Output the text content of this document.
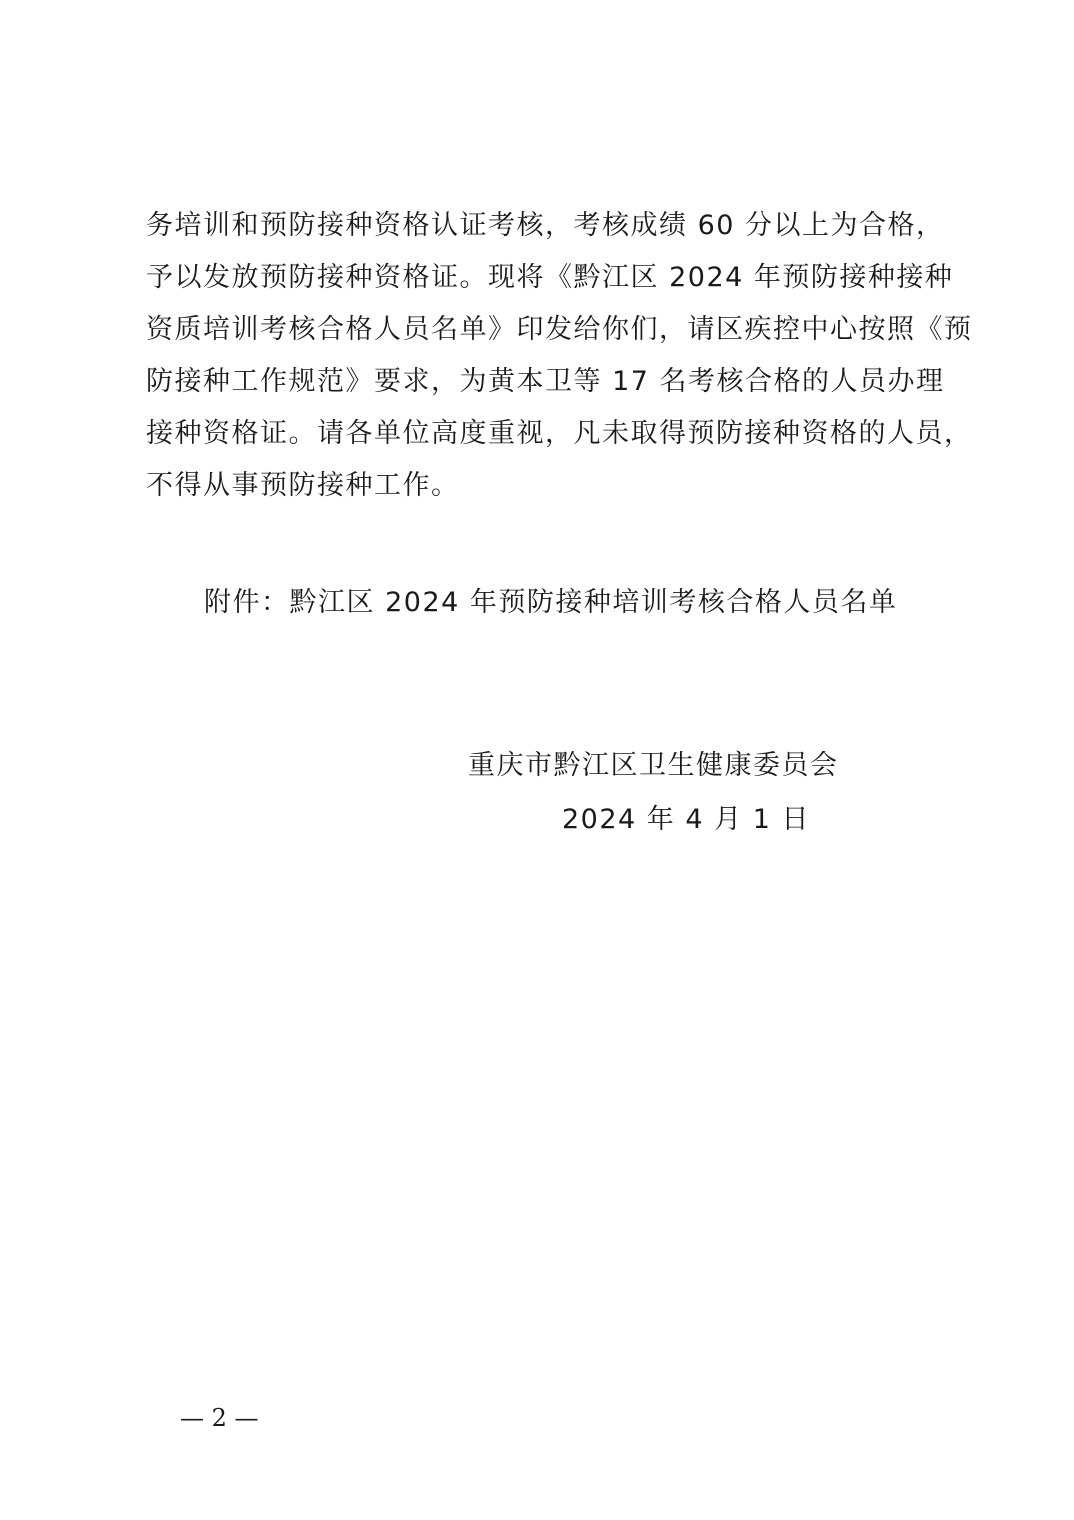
务培训和预防接种资格认证考核，考核成绩 60 分以上为合格，
予以发放预防接种资格证。现将《黔江区 2024 年预防接种接种
资质培训考核合格人员名单》印发给你们，请区疾控中心按照《预
防接种工作规范》要求，为黄本卫等 17 名考核合格的人员办理
接种资格证。请各单位高度重视，凡未取得预防接种资格的人员，
不得从事预防接种工作。

附件：黔江区 2024 年预防接种培训考核合格人员名单

重庆市黔江区卫生健康委员会

2024 年 4 月 1 日

— 2 —
